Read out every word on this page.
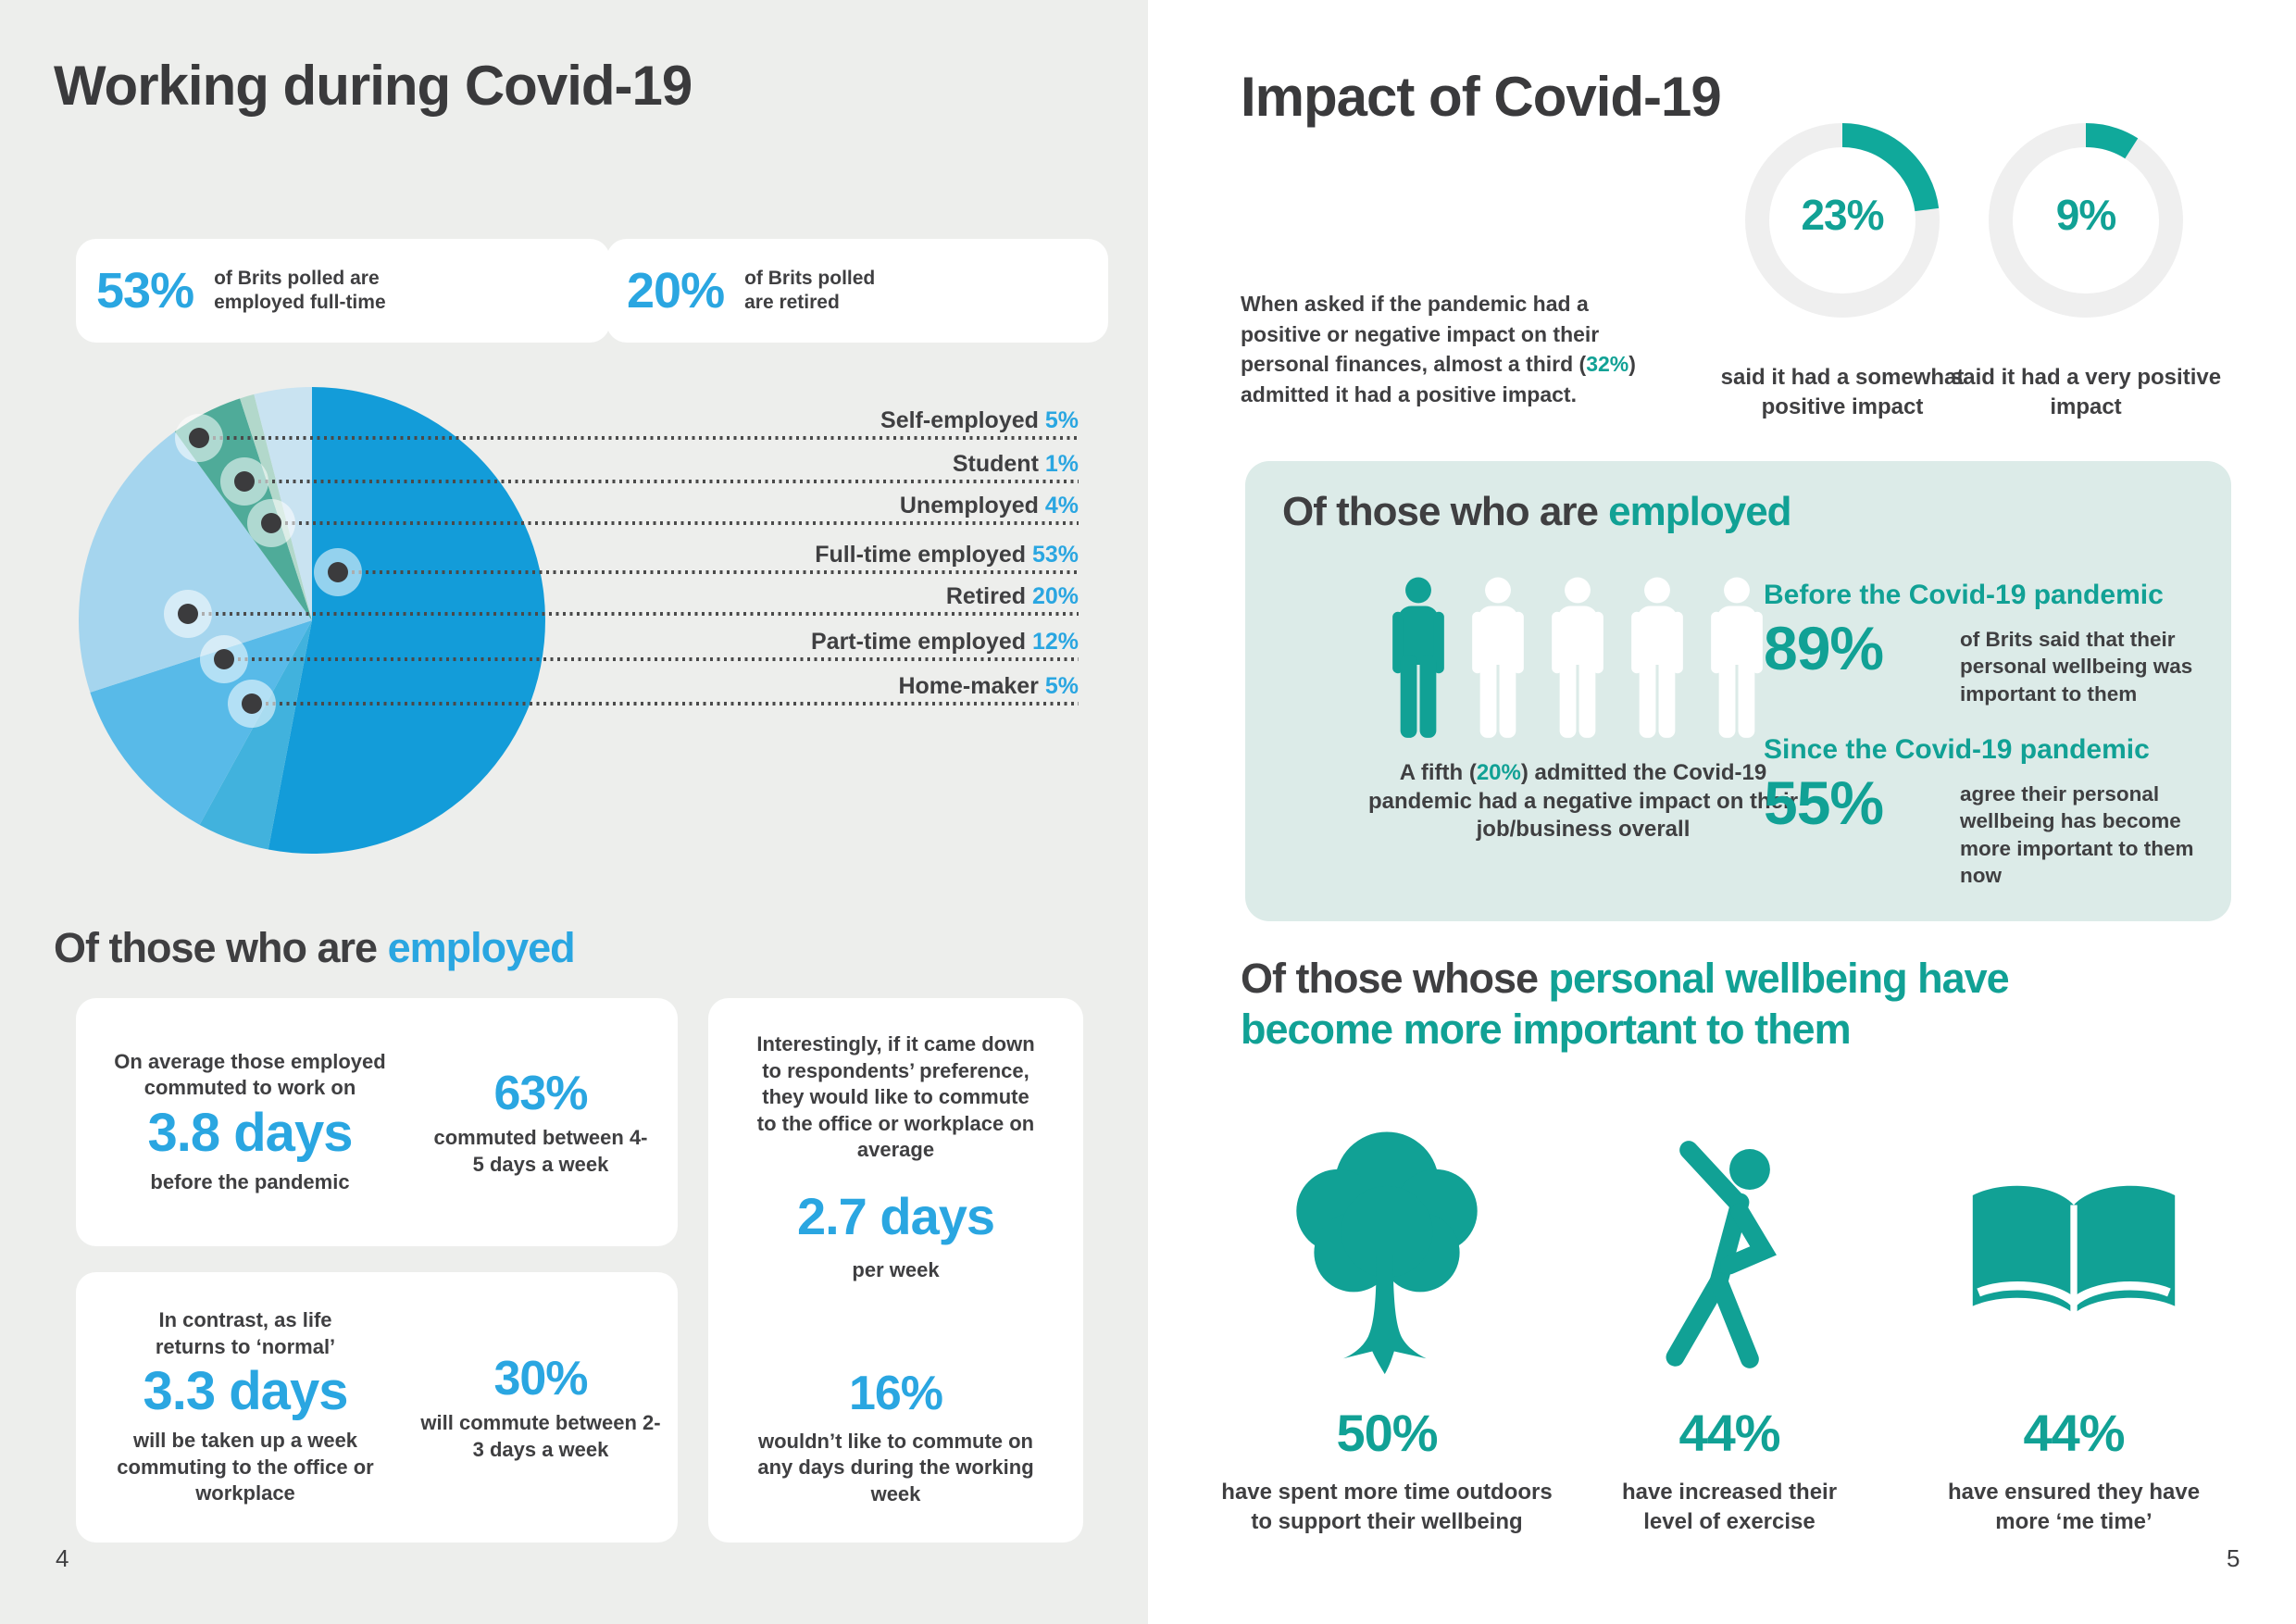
Working during Covid-19
53% of Brits polled are employed full-time	20% of Brits polled are retired
Self-employed 5%
Student 1%
Unemployed 4%
Full-time employed 53%
Retired 20%
Part-time employed 12%
Home-maker 5%
Of those who are employed
On average those employed commuted to work on
3.8 days
before the pandemic
63%
commuted between 4-5 days a week
In contrast, as life returns to ‘normal’
3.3 days
will be taken up a week commuting to the office or workplace
30%
will commute between 2-3 days a week
Interestingly, if it came down to respondents’ preference, they would like to commute to the office or workplace on average
2.7 days
per week
16%
wouldn’t like to commute on any days during the working week
4
Impact of Covid-19

When asked if the pandemic had a positive or negative impact on their personal finances, almost a third (32%) admitted it had a positive impact.

23%	9%
said it had a somewhat positive impact
said it had a very positive impact
Of those who are employed
A fifth (20%) admitted the Covid-19 pandemic had a negative impact on their job/business overall
Before the Covid-19 pandemic
89%	of Brits said that their personal wellbeing was important to them
Since the Covid-19 pandemic
55%	agree their personal wellbeing has become more important to them now
Of those whose personal wellbeing have become more important to them
50%
have spent more time outdoors to support their wellbeing
44%
have increased their level of exercise
44%
have ensured they have more ‘me time’
5
